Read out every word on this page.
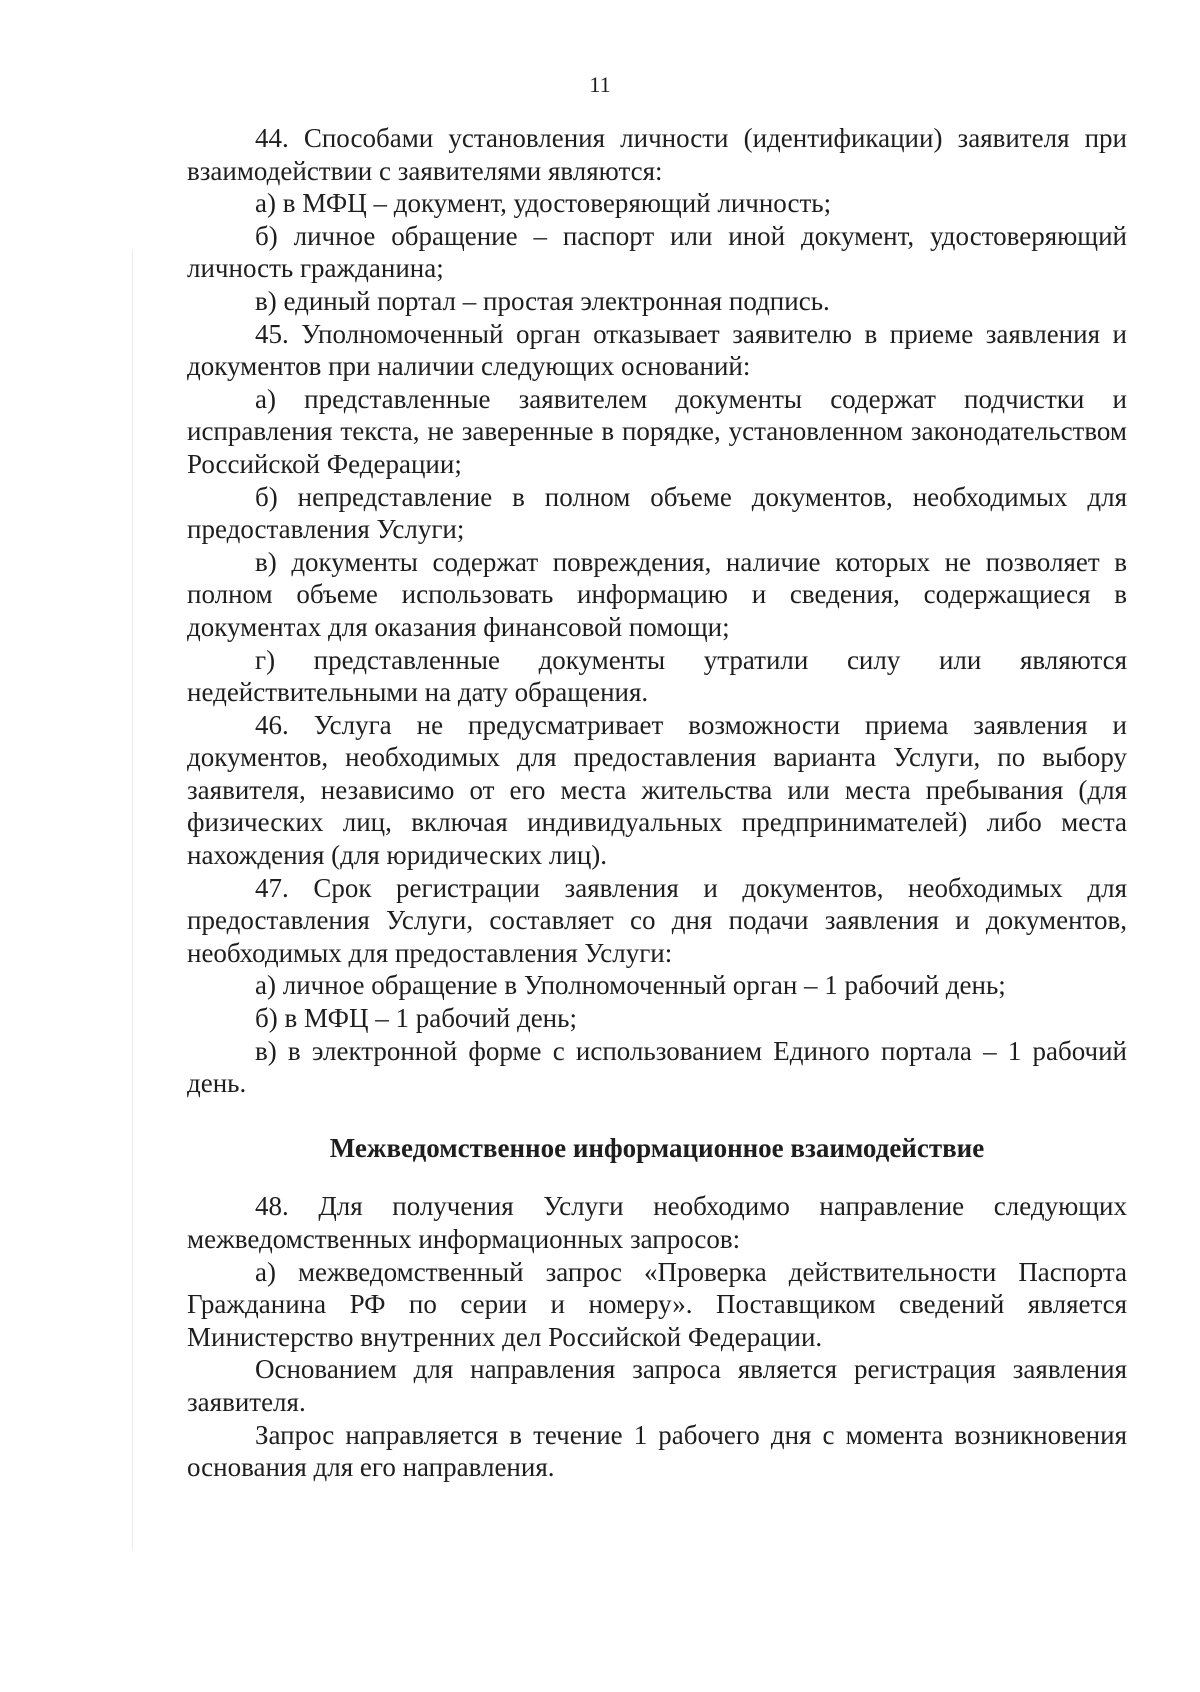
11

44. Способами установления личности (идентификации) заявителя при взаимодействии с заявителями являются:

а) в МФЦ – документ, удостоверяющий личность;

б) личное обращение – паспорт или иной документ, удостоверяющий личность гражданина;

в) единый портал – простая электронная подпись.

45. Уполномоченный орган отказывает заявителю в приеме заявления и документов при наличии следующих оснований:

а) представленные заявителем документы содержат подчистки и исправления текста, не заверенные в порядке, установленном законодательством Российской Федерации;

б) непредставление в полном объеме документов, необходимых для предоставления Услуги;

в) документы содержат повреждения, наличие которых не позволяет в полном объеме использовать информацию и сведения, содержащиеся в документах для оказания финансовой помощи;

г) представленные документы утратили силу или являются недействительными на дату обращения.

46. Услуга не предусматривает возможности приема заявления и документов, необходимых для предоставления варианта Услуги, по выбору заявителя, независимо от его места жительства или места пребывания (для физических лиц, включая индивидуальных предпринимателей) либо места нахождения (для юридических лиц).

47. Срок регистрации заявления и документов, необходимых для предоставления Услуги, составляет со дня подачи заявления и документов, необходимых для предоставления Услуги:

а) личное обращение в Уполномоченный орган – 1 рабочий день;

б) в МФЦ – 1 рабочий день;

в) в электронной форме с использованием Единого портала – 1 рабочий день.

Межведомственное информационное взаимодействие

48. Для получения Услуги необходимо направление следующих межведомственных информационных запросов:

а) межведомственный запрос «Проверка действительности Паспорта Гражданина РФ по серии и номеру». Поставщиком сведений является Министерство внутренних дел Российской Федерации.

Основанием для направления запроса является регистрация заявления заявителя.

Запрос направляется в течение 1 рабочего дня с момента возникновения основания для его направления.
